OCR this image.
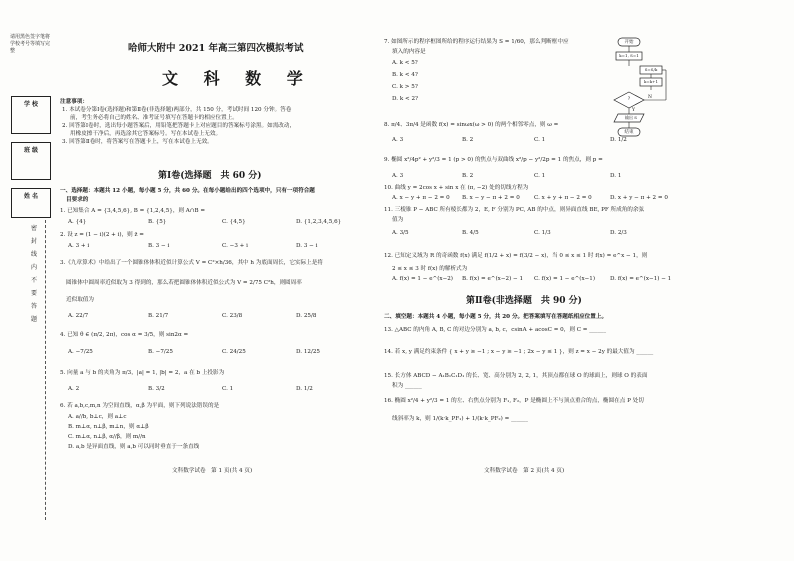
请用黑色签字笔将学校考号等填写完整
学 校
班 级
姓 名
密 封 线 内 不 要 答 题
哈师大附中 2021 年高三第四次模拟考试
文 科 数 学
注意事项：
1. 本试卷分第Ⅰ卷(选择题)和第Ⅱ卷(非选择题)两部分，共 150 分，考试时间 120 分钟。答卷
前，考生务必将自己的姓名、准考证号填写在答题卡的相应位置上。
2. 回答第Ⅰ卷时，选出每小题答案后，用铅笔把答题卡上对应题目的答案标号涂黑。如需改动，
用橡皮擦干净后，再选涂其它答案标号。写在本试卷上无效。
3. 回答第Ⅱ卷时，将答案写在答题卡上，写在本试卷上无效。
第Ⅰ卷(选择题　共 60 分)
一、选择题：本题共 12 小题，每小题 5 分，共 60 分。在每小题给出的四个选项中，只有一项符合题
目要求的
1. 已知集合 A = {3,4,5,6}, B = {1,2,4,5}，则 A∩B =
A. {4}	B. {5}	C. {4,5}	D. {1,2,3,4,5,6}
2. 设 z = (1 − i)(2 + i)，则 z̄ =
A. 3 + i	B. 3 − i	C. −3 + i	D. 3 − i
3.《九章算术》中给出了一个圆锥体体积近似计算公式 V = C²×h/36，其中 h 为底面周长，它实际上是将
圆锥体中圆周率近似取为 3 得到的，那么若把圆锥体体积近似公式为 V = 2/75 C²h，则圆周率
近似取值为
A. 22/7	B. 21/7	C. 23/8	D. 25/8
4. 已知 θ ∈ (π/2, 2π)，cos α = 3/5，则 sin2α =
A. −7/25	B. −7/25	C. 24/25	D. 12/25
5. 向量 a 与 b 的夹角为 π/3，|a| = 1, |b| = 2，a 在 b 上投影为
A. 2	B. 3/2	C. 1	D. 1/2
6. 若 a,b,c,m,n 为空间直线，α,β 为平面，则下列说法错误的是
A. a//b, b⊥c，则 a⊥c
B. m⊥α, n⊥β, m⊥n，则 α⊥β
C. m⊥α, n⊥β, α//β，则 m//n
D. a,b 是异面直线，则 a,b 可以同时垂直于一条直线
文科数学试卷　第 1 页(共 4 页)
7. 如图所示的程序框图所给的程序运行结果为 S = 1/60，那么判断框中应
填入的内容是
A. k < 5?
B. k < 4?
C. k > 5?
D. k < 2?
开始
k=1, S=1
S=S/k
k=k+1
?
Y
N
输出 S
结束
8. π/4、3π/4 是函数 f(x) = sinωx(ω > 0) 的两个相邻零点，则 ω =
A. 3	B. 2	C. 1	D. 1/2
9. 椭圆 x²/4p² + y²/3 = 1 (p > 0) 的焦点与双曲线 x²/p − y²/2p = 1 的焦点，则 p =
A. 3	B. 2	C. 1	D. 1
10. 曲线 y = 2cos x + sin x 在 (π, −2) 处的切线方程为
A. x − y + π − 2 = 0 B. x − y − π + 2 = 0	C. x + y + π − 2 = 0	D. x + y − π + 2 = 0
11. 三棱锥 P − ABC 所有棱长都为 2，E, F 分别为 PC, AB 的中点，则异面直线 BE, PF 所成角的余弦
值为
A. 3/5	B. 4/5	C. 1/3	D. 2/3
12. 已知定义域为 R 的奇函数 f(x) 满足 f(1/2 + x) = f(3/2 − x)，当 0 ≤ x ≤ 1 时 f(x) = e^x − 1，则
2 ≤ x ≤ 3 时 f(x) 的解析式为
A. f(x) = 1 − e^(x−2) B. f(x) = e^(x−2) − 1 C. f(x) = 1 − e^(x−1)	D. f(x) = e^(x−1) − 1
第Ⅱ卷(非选择题　共 90 分)
二、填空题：本题共 4 小题，每小题 5 分，共 20 分。把答案填写在答题纸相应位置上。
13. △ABC 的内角 A, B, C 的对边分别为 a, b, c，csinA + acosC = 0，则 C = ______
14. 若 x, y 满足约束条件 { x + y ≥ −1 ; x − y ≥ −1 ; 2x − y ≤ 1 }，则 z = x − 2y 的最大值为 ______
15. 长方体 ABCD − A₁B₁C₁D₁ 的长、宽、高分别为 2, 2, 1，其顶点都在球 O 的球面上，则球 O 的表面
积为 ______
16. 椭圆 x²/4 + y²/3 = 1 的左、右焦点分别为 F₁, F₂，P 是椭圆上不与顶点重合的点，椭圆在点 P 处切
线斜率为 k，则 1/(k·k_PF₁) + 1/(k·k_PF₂) = ______
文科数学试卷　第 2 页(共 4 页)
